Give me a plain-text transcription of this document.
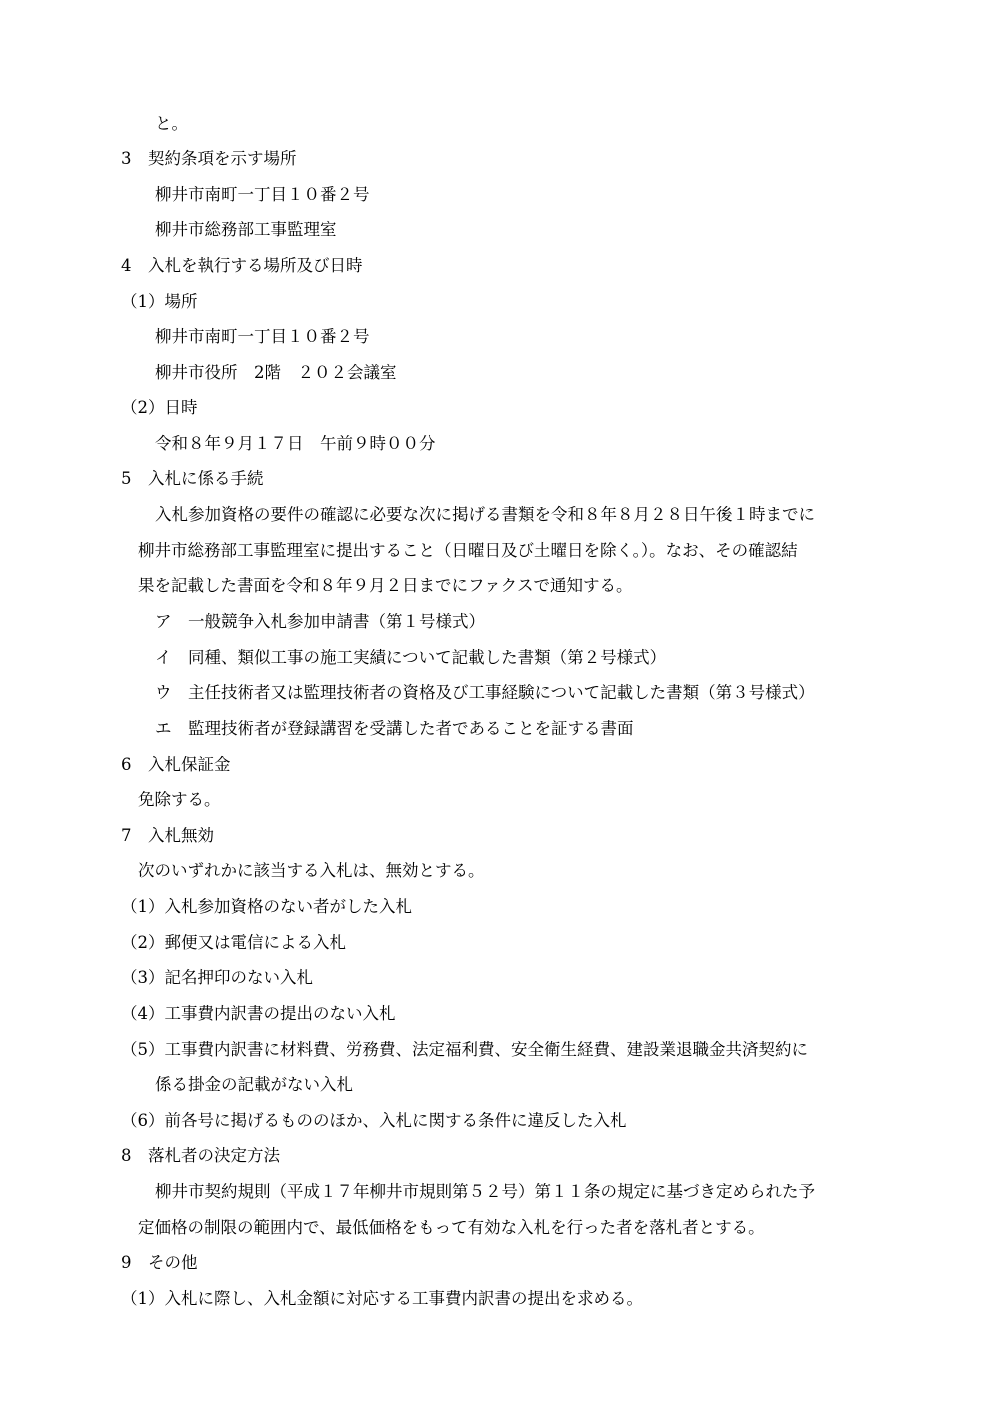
と。

3　契約条項を示す場所

柳井市南町一丁目１０番２号

柳井市総務部工事監理室

4　入札を執行する場所及び日時

（1）場所

柳井市南町一丁目１０番２号

柳井市役所　2階　２０２会議室

（2）日時

令和８年９月１７日　午前９時００分

5　入札に係る手続

入札参加資格の要件の確認に必要な次に掲げる書類を令和８年８月２８日午後１時までに

柳井市総務部工事監理室に提出すること（日曜日及び土曜日を除く。）。なお、その確認結

果を記載した書面を令和８年９月２日までにファクスで通知する。

ア　一般競争入札参加申請書（第１号様式）

イ　同種、類似工事の施工実績について記載した書類（第２号様式）

ウ　主任技術者又は監理技術者の資格及び工事経験について記載した書類（第３号様式）

エ　監理技術者が登録講習を受講した者であることを証する書面

6　入札保証金

免除する。

7　入札無効

次のいずれかに該当する入札は、無効とする。

（1）入札参加資格のない者がした入札

（2）郵便又は電信による入札

（3）記名押印のない入札

（4）工事費内訳書の提出のない入札

（5）工事費内訳書に材料費、労務費、法定福利費、安全衛生経費、建設業退職金共済契約に

係る掛金の記載がない入札

（6）前各号に掲げるもののほか、入札に関する条件に違反した入札

8　落札者の決定方法

柳井市契約規則（平成１７年柳井市規則第５２号）第１１条の規定に基づき定められた予

定価格の制限の範囲内で、最低価格をもって有効な入札を行った者を落札者とする。

9　その他

（1）入札に際し、入札金額に対応する工事費内訳書の提出を求める。
